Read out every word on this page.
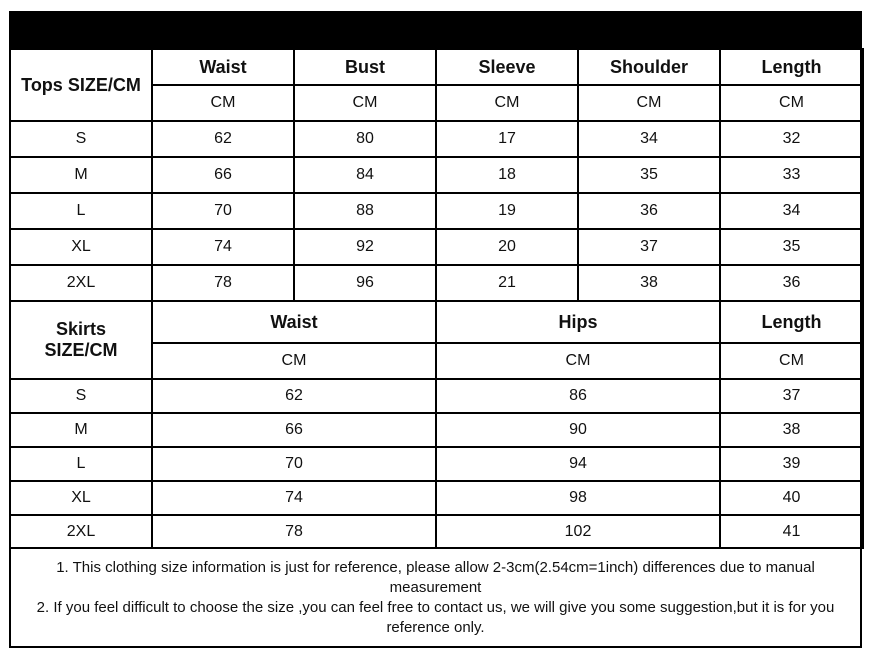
Tops SIZE/CM	Waist	Bust	Sleeve	Shoulder	Length
	CM	CM	CM	CM	CM
S	62	80	17	34	32
M	66	84	18	35	33
L	70	88	19	36	34
XL	74	92	20	37	35
2XL	78	96	21	38	36
Skirts
SIZE/CM	Waist	Hips	Length
	CM	CM	CM
S	62	86	37
M	66	90	38
L	70	94	39
XL	74	98	40
2XL	78	102	41

1. This clothing size information is just for reference, please allow 2-3cm(2.54cm=1inch) differences due to manual measurement

2. If you feel difficult to choose the size ,you can feel free to contact us, we will give you some suggestion,but it is for you reference only.
